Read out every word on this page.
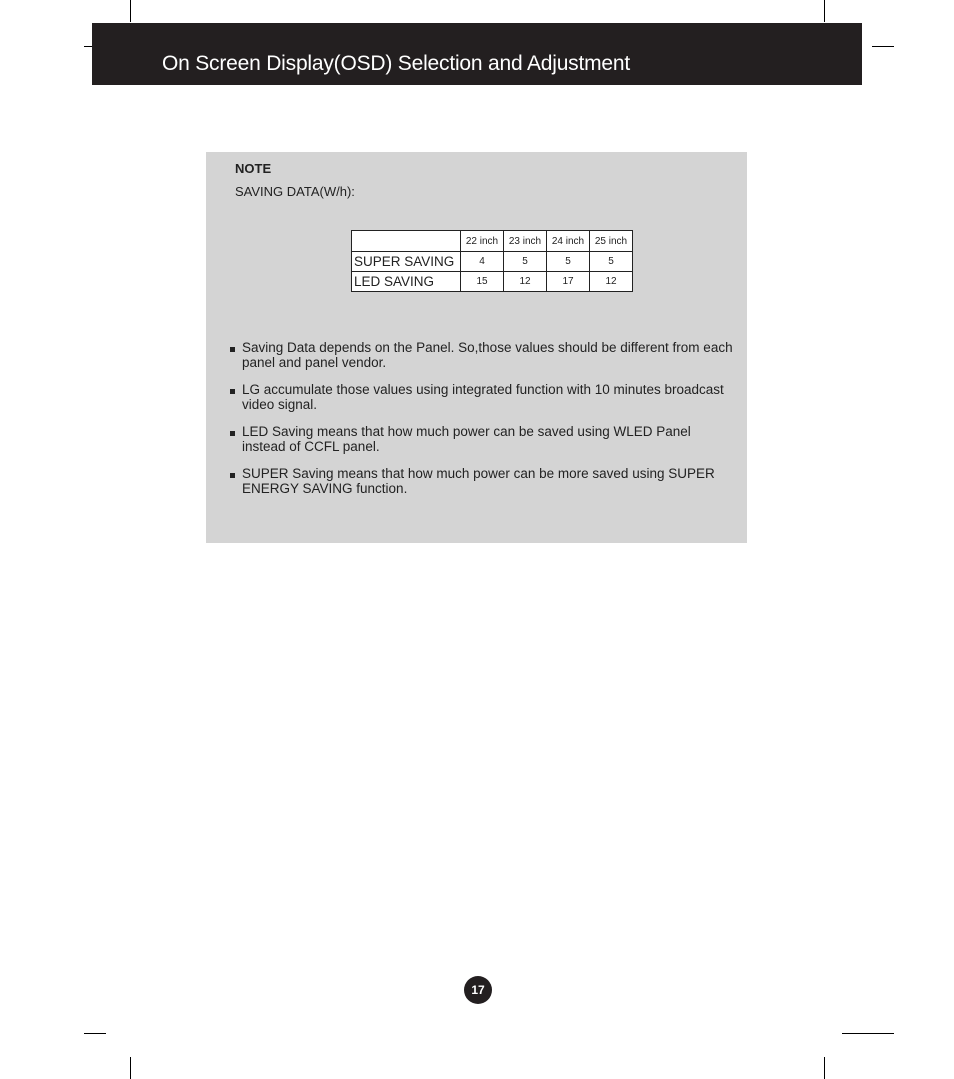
On Screen Display(OSD) Selection and Adjustment
NOTE
SAVING DATA(W/h):
	22 inch	23 inch	24 inch	25 inch
SUPER SAVING	4	5	5	5
LED SAVING	15	12	17	12
Saving Data depends on the Panel. So,those values should be different from each panel and panel vendor.
LG accumulate those values using integrated function with 10 minutes broadcast video signal.
LED Saving means that how much power can be saved using WLED Panel instead of CCFL panel.
SUPER Saving means that how much power can be more saved using SUPER ENERGY SAVING function.
17
